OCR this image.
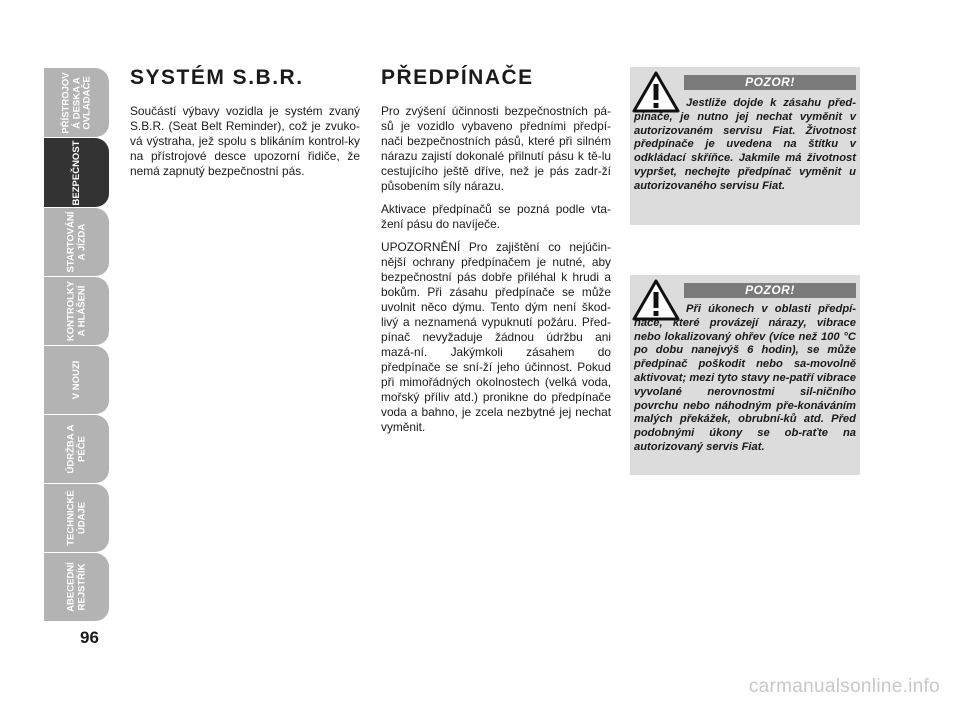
PŘÍSTROJOV
Á DESKA A
OVLADAČE
BEZPEČNOST
STARTOVÁNÍ
A JÍZDA
KONTROLKY
A HLÁŠENÍ
V NOUZI
ÚDRŽBA A
PÉČE
TECHNICKÉ
ÚDAJE
ABECEDNÍ
REJSTŘÍK
96
SYSTÉM S.B.R.

Součástí výbavy vozidla je systém zvaný S.B.R. (Seat Belt Reminder), což je zvuko-vá výstraha, jež spolu s blikáním kontrol-ky na přístrojové desce upozorní řidiče, že nemá zapnutý bezpečnostní pás.

PŘEDPÍNAČE

Pro zvýšení účinnosti bezpečnostních pá-sů je vozidlo vybaveno předními předpí-nači bezpečnostních pásů, které při silném nárazu zajistí dokonalé přilnutí pásu k tě-lu cestujícího ještě dříve, než je pás zadr-ží působením síly nárazu.

Aktivace předpínačů se pozná podle vta-žení pásu do navíječe.

UPOZORNĚNÍ Pro zajištění co nejúčin-nější ochrany předpínačem je nutné, aby bezpečnostní pás dobře přiléhal k hrudi a bokům. Při zásahu předpínače se může uvolnit něco dýmu. Tento dým není škod-livý a neznamená vypuknutí požáru. Před-pínač nevyžaduje žádnou údržbu ani mazá-ní. Jakýmkoli zásahem do předpínače se sní-ží jeho účinnost. Pokud při mimořádných okolnostech (velká voda, mořský příliv atd.) pronikne do předpínače voda a bahno, je zcela nezbytné jej nechat vyměnit.

POZOR!

Jestliže dojde k zásahu před-pínače, je nutno jej nechat vyměnit v autorizovaném servisu Fiat. Životnost předpínače je uvedena na štítku v odkládací skříňce. Jakmile má životnost vypršet, nechejte předpínač vyměnit u autorizovaného servisu Fiat.

POZOR!

Při úkonech v oblasti předpí-nače, které provázejí nárazy, vibrace nebo lokalizovaný ohřev (více než 100 °C po dobu nanejvýš 6 hodin), se může předpínač poškodit nebo sa-movolně aktivovat; mezi tyto stavy ne-patří vibrace vyvolané nerovnostmi sil-ničního povrchu nebo náhodným pře-konáváním malých překážek, obrubní-ků atd. Před podobnými úkony se ob-raťte na autorizovaný servis Fiat.

carmanualsonline.info
